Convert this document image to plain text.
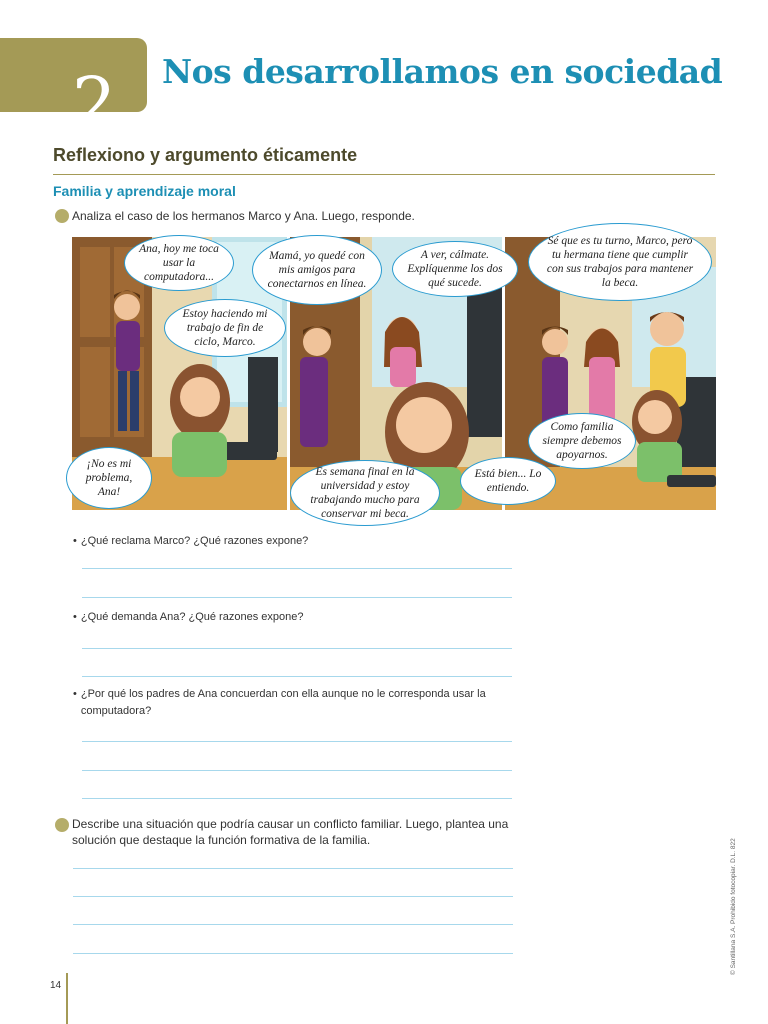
2 Nos desarrollamos en sociedad
Reflexiono y argumento éticamente
Familia y aprendizaje moral

Analiza el caso de los hermanos Marco y Ana. Luego, responde.

Ana, hoy me toca usar la computadora...
Estoy haciendo mi trabajo de fin de ciclo, Marco.
¡No es mi problema, Ana!
Mamá, yo quedé con mis amigos para conectarnos en línea.
A ver, cálmate. Explíquenme los dos qué sucede.
Es semana final en la universidad y estoy trabajando mucho para conservar mi beca.
Está bien... Lo entiendo.
Sé que es tu turno, Marco, pero tu hermana tiene que cumplir con sus trabajos para mantener la beca.
Como familia siempre debemos apoyarnos.

• ¿Qué reclama Marco? ¿Qué razones expone?

• ¿Qué demanda Ana? ¿Qué razones expone?

• ¿Por qué los padres de Ana concuerdan con ella aunque no le corresponda usar la computadora?

Describe una situación que podría causar un conflicto familiar. Luego, plantea una solución que destaque la función formativa de la familia.	© Santillana S.A. Prohibido fotocopiar. D.L. 822
14
